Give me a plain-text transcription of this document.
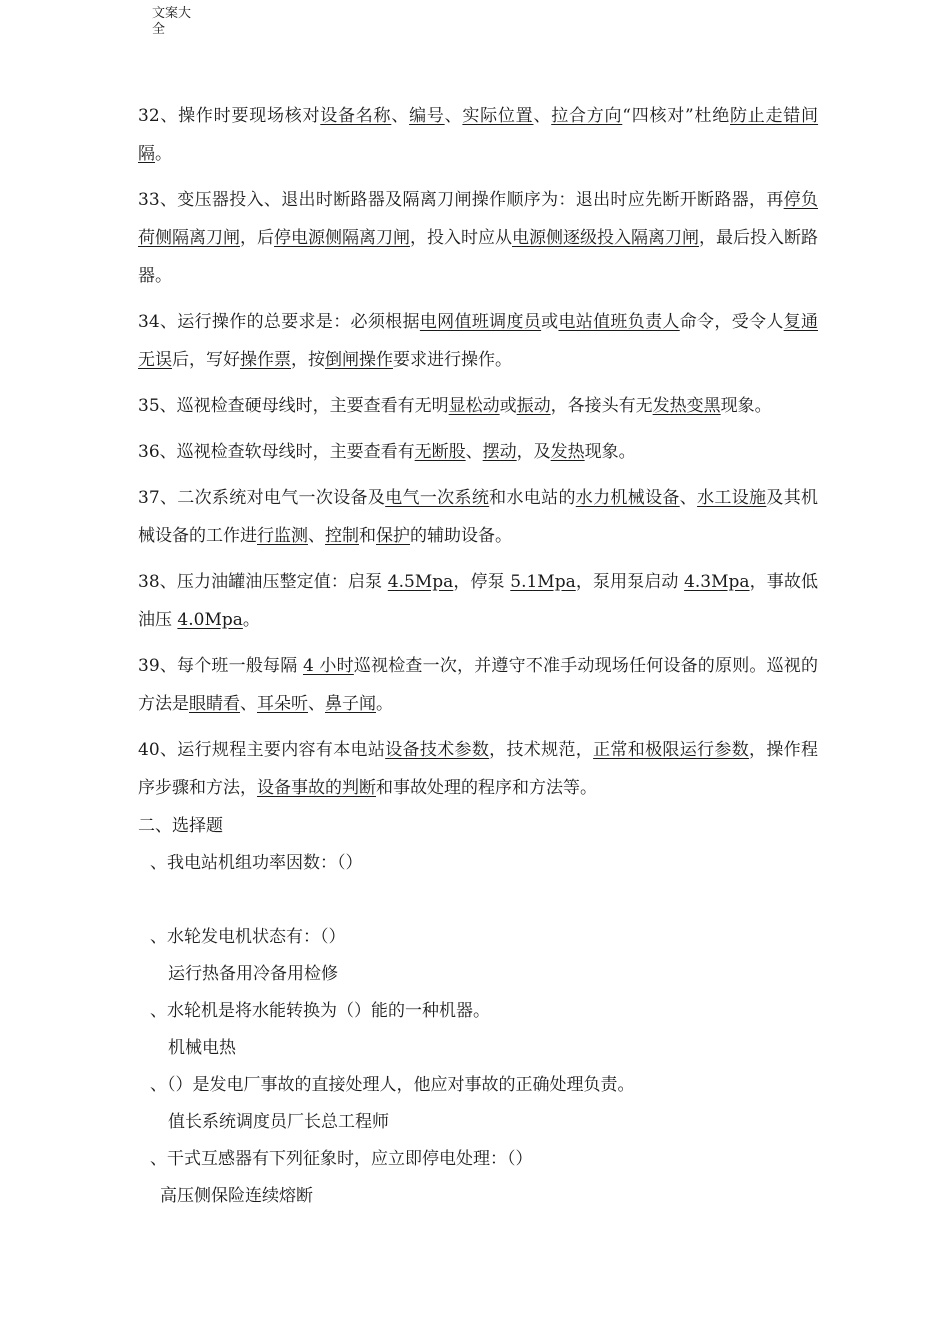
文案大全

32、操作时要现场核对设备名称、编号、实际位置、拉合方向“四核对”杜绝防止走错间隔。

33、变压器投入、退出时断路器及隔离刀闸操作顺序为：退出时应先断开断路器，再停负荷侧隔离刀闸，后停电源侧隔离刀闸，投入时应从电源侧逐级投入隔离刀闸，最后投入断路器。

34、运行操作的总要求是：必须根据电网值班调度员或电站值班负责人命令，受令人复通无误后，写好操作票，按倒闸操作要求进行操作。

35、巡视检查硬母线时，主要查看有无明显松动或振动，各接头有无发热变黑现象。

36、巡视检查软母线时，主要查看有无断股、摆动，及发热现象。

37、二次系统对电气一次设备及电气一次系统和水电站的水力机械设备、水工设施及其机械设备的工作进行监测、控制和保护的辅助设备。

38、压力油罐油压整定值：启泵 4.5Mpa，停泵 5.1Mpa，泵用泵启动 4.3Mpa，事故低油压 4.0Mpa。

39、每个班一般每隔 4 小时巡视检查一次，并遵守不准手动现场任何设备的原则。巡视的方法是眼睛看、耳朵听、鼻子闻。

40、运行规程主要内容有本电站设备技术参数，技术规范，正常和极限运行参数，操作程序步骤和方法，设备事故的判断和事故处理的程序和方法等。

二、选择题

、我电站机组功率因数：（）

、水轮发电机状态有：（）

运行热备用冷备用检修

、水轮机是将水能转换为（）能的一种机器。

机械电热

、（）是发电厂事故的直接处理人，他应对事故的正确处理负责。

值长系统调度员厂长总工程师

、干式互感器有下列征象时，应立即停电处理：（）

高压侧保险连续熔断
